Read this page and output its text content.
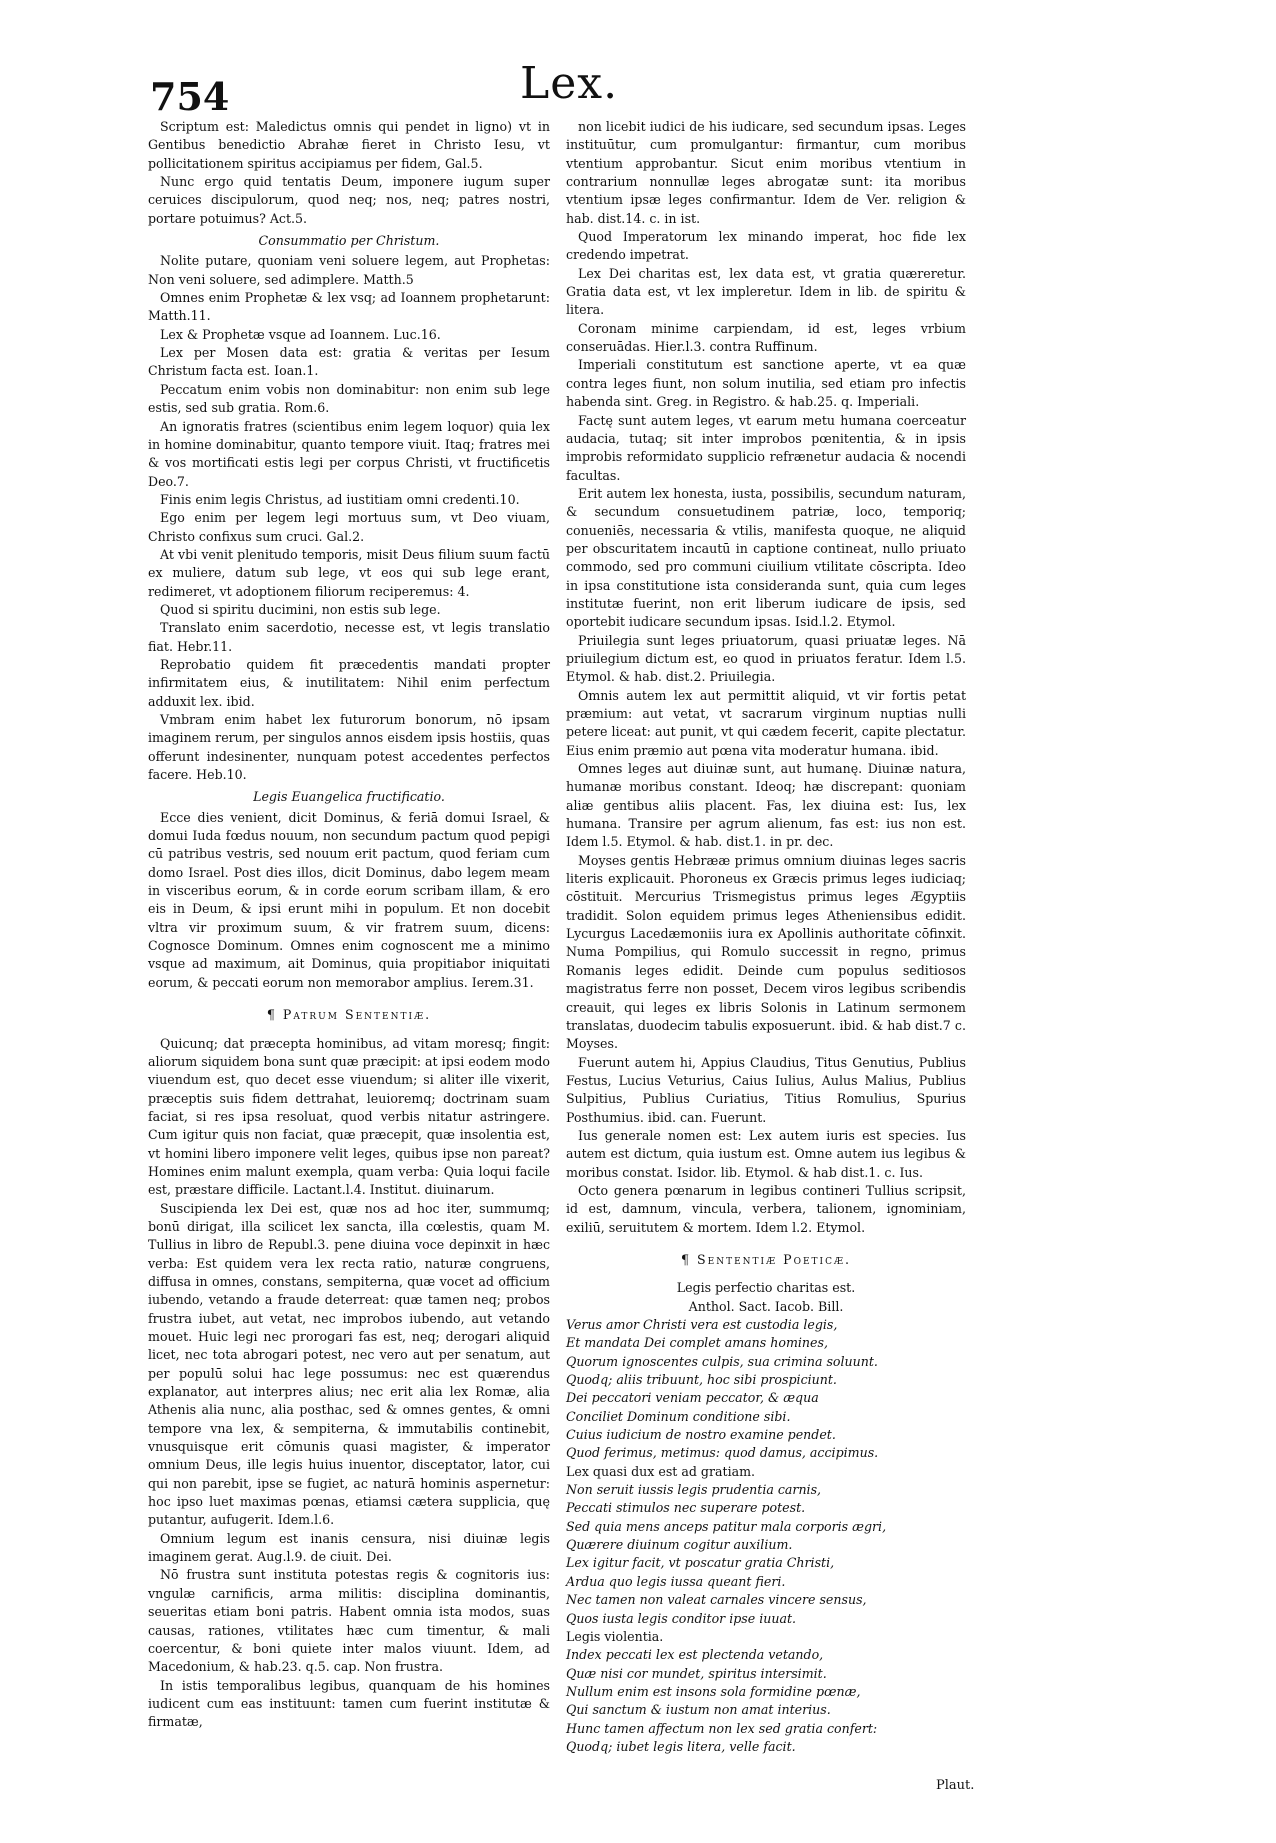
754	Lex.

Scriptum est: Maledictus omnis qui pendet in ligno) vt in Gentibus benedictio Abrahæ fieret in Christo Iesu, vt pollicitationem spiritus accipiamus per fidem, Gal.5.

Nunc ergo quid tentatis Deum, imponere iugum super ceruices discipulorum, quod neq; nos, neq; patres nostri, portare potuimus? Act.5.

Consummatio per Christum.

Nolite putare, quoniam veni soluere legem, aut Prophetas: Non veni soluere, sed adimplere. Matth.5

Omnes enim Prophetæ & lex vsq; ad Ioannem prophetarunt: Matth.11.

Lex & Prophetæ vsque ad Ioannem. Luc.16.

Lex per Mosen data est: gratia & veritas per Iesum Christum facta est. Ioan.1.

Peccatum enim vobis non dominabitur: non enim sub lege estis, sed sub gratia. Rom.6.

An ignoratis fratres (scientibus enim legem loquor) quia lex in homine dominabitur, quanto tempore viuit. Itaq; fratres mei & vos mortificati estis legi per corpus Christi, vt fructificetis Deo.7.

Finis enim legis Christus, ad iustitiam omni credenti.10.

Ego enim per legem legi mortuus sum, vt Deo viuam, Christo confixus sum cruci. Gal.2.

At vbi venit plenitudo temporis, misit Deus filium suum factū ex muliere, datum sub lege, vt eos qui sub lege erant, redimeret, vt adoptionem filiorum reciperemus: 4.

Quod si spiritu ducimini, non estis sub lege.

Translato enim sacerdotio, necesse est, vt legis translatio fiat. Hebr.11.

Reprobatio quidem fit præcedentis mandati propter infirmitatem eius, & inutilitatem: Nihil enim perfectum adduxit lex. ibid.

Vmbram enim habet lex futurorum bonorum, nō ipsam imaginem rerum, per singulos annos eisdem ipsis hostiis, quas offerunt indesinenter, nunquam potest accedentes perfectos facere. Heb.10.

Legis Euangelica fructificatio.

Ecce dies venient, dicit Dominus, & feriā domui Israel, & domui Iuda fœdus nouum, non secundum pactum quod pepigi cū patribus vestris, sed nouum erit pactum, quod feriam cum domo Israel. Post dies illos, dicit Dominus, dabo legem meam in visceribus eorum, & in corde eorum scribam illam, & ero eis in Deum, & ipsi erunt mihi in populum. Et non docebit vltra vir proximum suum, & vir fratrem suum, dicens: Cognosce Dominum. Omnes enim cognoscent me a minimo vsque ad maximum, ait Dominus, quia propitiabor iniquitati eorum, & peccati eorum non memorabor amplius. Ierem.31.

¶ Patrum Sententiæ.

Quicunq; dat præcepta hominibus, ad vitam moresq; fingit: aliorum siquidem bona sunt quæ præcipit: at ipsi eodem modo viuendum est, quo decet esse viuendum; si aliter ille vixerit, præceptis suis fidem dettrahat, leuioremq; doctrinam suam faciat, si res ipsa resoluat, quod verbis nitatur astringere. Cum igitur quis non faciat, quæ præcepit, quæ insolentia est, vt homini libero imponere velit leges, quibus ipse non pareat? Homines enim malunt exempla, quam verba: Quia loqui facile est, præstare difficile. Lactant.l.4. Institut. diuinarum.

Suscipienda lex Dei est, quæ nos ad hoc iter, summumq; bonū dirigat, illa scilicet lex sancta, illa cœlestis, quam M. Tullius in libro de Republ.3. pene diuina voce depinxit in hæc verba: Est quidem vera lex recta ratio, naturæ congruens, diffusa in omnes, constans, sempiterna, quæ vocet ad officium iubendo, vetando a fraude deterreat: quæ tamen neq; probos frustra iubet, aut vetat, nec improbos iubendo, aut vetando mouet. Huic legi nec prorogari fas est, neq; derogari aliquid licet, nec tota abrogari potest, nec vero aut per senatum, aut per populū solui hac lege possumus: nec est quærendus explanator, aut interpres alius; nec erit alia lex Romæ, alia Athenis alia nunc, alia posthac, sed & omnes gentes, & omni tempore vna lex, & sempiterna, & immutabilis continebit, vnusquisque erit cōmunis quasi magister, & imperator omnium Deus, ille legis huius inuentor, disceptator, lator, cui qui non parebit, ipse se fugiet, ac naturā hominis aspernetur: hoc ipso luet maximas pœnas, etiamsi cætera supplicia, quę putantur, aufugerit. Idem.l.6.

Omnium legum est inanis censura, nisi diuinæ legis imaginem gerat. Aug.l.9. de ciuit. Dei.

Nō frustra sunt instituta potestas regis & cognitoris ius: vngulæ carnificis, arma militis: disciplina dominantis, seueritas etiam boni patris. Habent omnia ista modos, suas causas, rationes, vtilitates hæc cum timentur, & mali coercentur, & boni quiete inter malos viuunt. Idem, ad Macedonium, & hab.23. q.5. cap. Non frustra.

In istis temporalibus legibus, quanquam de his homines iudicent cum eas instituunt: tamen cum fuerint institutæ & firmatæ,

non licebit iudici de his iudicare, sed secundum ipsas. Leges instituūtur, cum promulgantur: firmantur, cum moribus vtentium approbantur. Sicut enim moribus vtentium in contrarium nonnullæ leges abrogatæ sunt: ita moribus vtentium ipsæ leges confirmantur. Idem de Ver. religion & hab. dist.14. c. in ist.

Quod Imperatorum lex minando imperat, hoc fide lex credendo impetrat.

Lex Dei charitas est, lex data est, vt gratia quæreretur. Gratia data est, vt lex impleretur. Idem in lib. de spiritu & litera.

Coronam minime carpiendam, id est, leges vrbium conseruādas. Hier.l.3. contra Ruffinum.

Imperiali constitutum est sanctione aperte, vt ea quæ contra leges fiunt, non solum inutilia, sed etiam pro infectis habenda sint. Greg. in Registro. & hab.25. q. Imperiali.

Factę sunt autem leges, vt earum metu humana coerceatur audacia, tutaq; sit inter improbos pœnitentia, & in ipsis improbis reformidato supplicio refrænetur audacia & nocendi facultas.

Erit autem lex honesta, iusta, possibilis, secundum naturam, & secundum consuetudinem patriæ, loco, temporiq; conueniēs, necessaria & vtilis, manifesta quoque, ne aliquid per obscuritatem incautū in captione contineat, nullo priuato commodo, sed pro communi ciuilium vtilitate cōscripta. Ideo in ipsa constitutione ista consideranda sunt, quia cum leges institutæ fuerint, non erit liberum iudicare de ipsis, sed oportebit iudicare secundum ipsas. Isid.l.2. Etymol.

Priuilegia sunt leges priuatorum, quasi priuatæ leges. Nā priuilegium dictum est, eo quod in priuatos feratur. Idem l.5. Etymol. & hab. dist.2. Priuilegia.

Omnis autem lex aut permittit aliquid, vt vir fortis petat præmium: aut vetat, vt sacrarum virginum nuptias nulli petere liceat: aut punit, vt qui cædem fecerit, capite plectatur. Eius enim præmio aut pœna vita moderatur humana. ibid.

Omnes leges aut diuinæ sunt, aut humanę. Diuinæ natura, humanæ moribus constant. Ideoq; hæ discrepant: quoniam aliæ gentibus aliis placent. Fas, lex diuina est: Ius, lex humana. Transire per agrum alienum, fas est: ius non est. Idem l.5. Etymol. & hab. dist.1. in pr. dec.

Moyses gentis Hebrææ primus omnium diuinas leges sacris literis explicauit. Phoroneus ex Græcis primus leges iudiciaq; cōstituit. Mercurius Trismegistus primus leges Ægyptiis tradidit. Solon equidem primus leges Atheniensibus edidit. Lycurgus Lacedæmoniis iura ex Apollinis authoritate cōfinxit. Numa Pompilius, qui Romulo successit in regno, primus Romanis leges edidit. Deinde cum populus seditiosos magistratus ferre non posset, Decem viros legibus scribendis creauit, qui leges ex libris Solonis in Latinum sermonem translatas, duodecim tabulis exposuerunt. ibid. & hab dist.7 c. Moyses.

Fuerunt autem hi, Appius Claudius, Titus Genutius, Publius Festus, Lucius Veturius, Caius Iulius, Aulus Malius, Publius Sulpitius, Publius Curiatius, Titius Romulius, Spurius Posthumius. ibid. can. Fuerunt.

Ius generale nomen est: Lex autem iuris est species. Ius autem est dictum, quia iustum est. Omne autem ius legibus & moribus constat. Isidor. lib. Etymol. & hab dist.1. c. Ius.

Octo genera pœnarum in legibus contineri Tullius scripsit, id est, damnum, vincula, verbera, talionem, ignominiam, exiliū, seruitutem & mortem. Idem l.2. Etymol.

¶ Sententiæ Poeticæ.

Legis perfectio charitas est.

Anthol. Sact. Iacob. Bill.

Verus amor Christi vera est custodia legis,

Et mandata Dei complet amans homines,

Quorum ignoscentes culpis, sua crimina soluunt.

Quodq; aliis tribuunt, hoc sibi prospiciunt.

Dei peccatori veniam peccator, & æqua

Conciliet Dominum conditione sibi.

Cuius iudicium de nostro examine pendet.

Quod ferimus, metimus: quod damus, accipimus.

Lex quasi dux est ad gratiam.

Non seruit iussis legis prudentia carnis,

Peccati stimulos nec superare potest.

Sed quia mens anceps patitur mala corporis ægri,

Quærere diuinum cogitur auxilium.

Lex igitur facit, vt poscatur gratia Christi,

Ardua quo legis iussa queant fieri.

Nec tamen non valeat carnales vincere sensus,

Quos iusta legis conditor ipse iuuat.

Legis violentia.

Index peccati lex est plectenda vetando,

Quæ nisi cor mundet, spiritus intersimit.

Nullum enim est insons sola formidine pœnæ,

Qui sanctum & iustum non amat interius.

Hunc tamen affectum non lex sed gratia confert:

Quodq; iubet legis litera, velle facit.

Plaut.
